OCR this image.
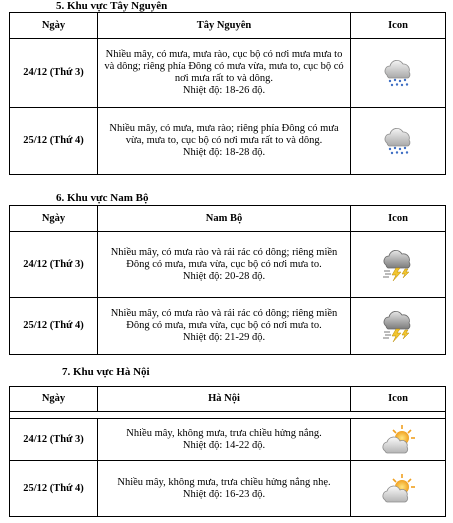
5. Khu vực Tây Nguyên
Ngày	Tây Nguyên	Icon
24/12 (Thứ 3)	Nhiều mây, có mưa, mưa rào, cục bộ có nơi mưa mưa to và dông; riêng phía Đông có mưa vừa, mưa to, cục bộ có nơi mưa rất to và dông.
Nhiệt độ: 18-26 độ.

25/12 (Thứ 4)	Nhiều mây, có mưa, mưa rào; riêng phía Đông có mưa vừa, mưa to, cục bộ có nơi mưa rất to và dông.
Nhiệt độ: 18-28 độ.

6. Khu vực Nam Bộ
Ngày	Nam Bộ	Icon
24/12 (Thứ 3)	Nhiều mây, có mưa rào và rải rác có dông; riêng miền Đông có mưa, mưa vừa, cục bộ có nơi mưa to.
Nhiệt độ: 20-28 độ.

25/12 (Thứ 4)	Nhiều mây, có mưa rào và rải rác có dông; riêng miền Đông có mưa, mưa vừa, cục bộ có nơi mưa to.
Nhiệt độ: 21-29 độ.

7. Khu vực Hà Nội
Ngày	Hà Nội	Icon

24/12 (Thứ 3)	Nhiều mây, không mưa, trưa chiều hửng nắng.
Nhiệt độ: 14-22 độ.

25/12 (Thứ 4)	Nhiều mây, không mưa, trưa chiều hửng nắng nhẹ.
Nhiệt độ: 16-23 độ.
